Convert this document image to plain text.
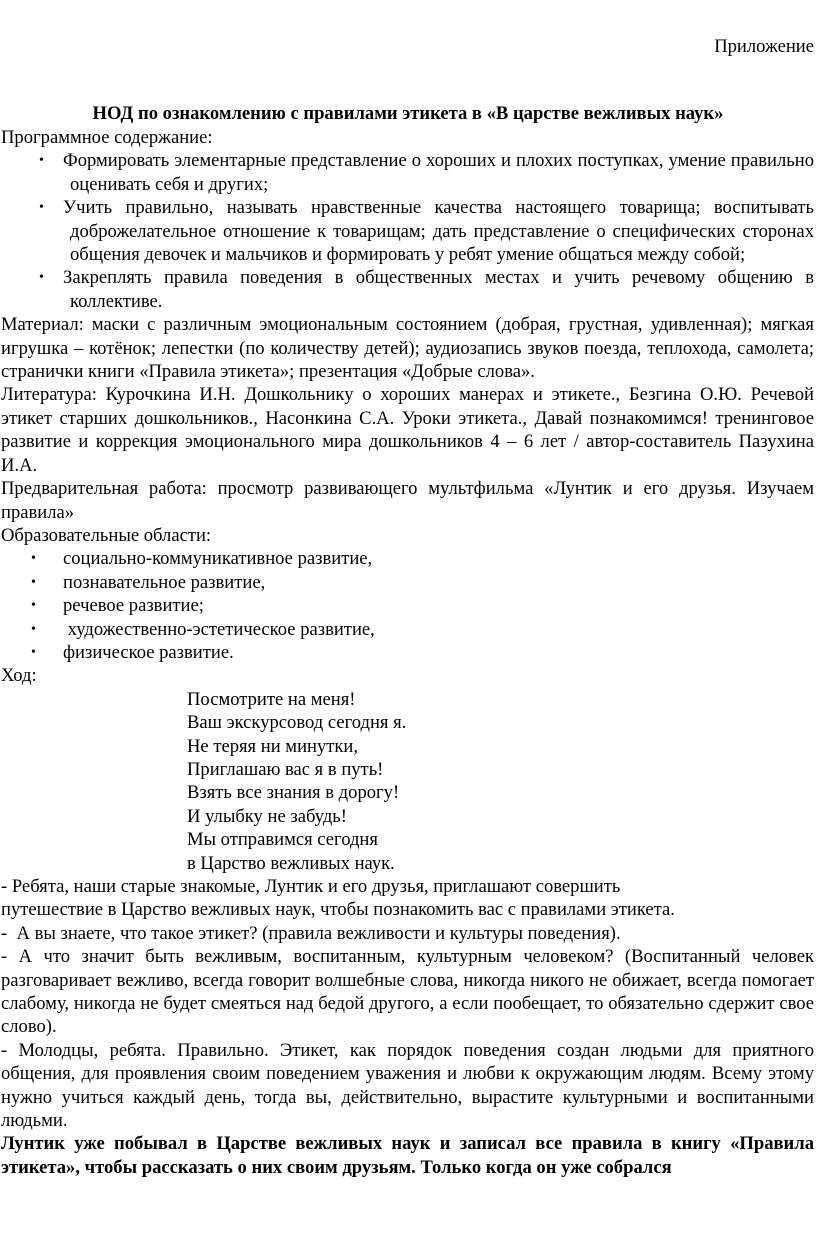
Приложение
НОД по ознакомлению с правилами этикета в «В царстве вежливых наук»

Программное содержание:

• Формировать элементарные представление о хороших и плохих поступках, умение правильно оценивать себя и других;
• Учить правильно, называть нравственные качества настоящего товарища; воспитывать доброжелательное отношение к товарищам; дать представление о специфических сторонах общения девочек и мальчиков и формировать у ребят умение общаться между собой;
• Закреплять правила поведения в общественных местах и учить речевому общению в коллективе.

Материал: маски с различным эмоциональным состоянием (добрая, грустная, удивленная); мягкая игрушка – котёнок; лепестки (по количеству детей); аудиозапись звуков поезда, теплохода, самолета; странички книги «Правила этикета»; презентация «Добрые слова».

Литература: Курочкина И.Н. Дошкольнику о хороших манерах и этикете., Безгина О.Ю. Речевой этикет старших дошкольников., Насонкина С.А. Уроки этикета., Давай познакомимся! тренинговое развитие и коррекция эмоционального мира дошкольников 4 – 6 лет / автор-составитель Пазухина И.А.

Предварительная работа: просмотр развивающего мультфильма «Лунтик и его друзья. Изучаем правила»

Образовательные области:

• социально-коммуникативное развитие,
• познавательное развитие,
• речевое развитие;
•  художественно-эстетическое развитие,
• физическое развитие.

Ход:

Посмотрите на меня!
Ваш экскурсовод сегодня я.
Не теряя ни минутки,
Приглашаю вас я в путь!
Взять все знания в дорогу!
И улыбку не забудь!
Мы отправимся сегодня
в Царство вежливых наук.

- Ребята, наши старые знакомые, Лунтик и его друзья, приглашают совершить

путешествие в Царство вежливых наук, чтобы познакомить вас с правилами этикета.

-  А вы знаете, что такое этикет? (правила вежливости и культуры поведения).

- А что значит быть вежливым, воспитанным, культурным человеком? (Воспитанный человек разговаривает вежливо, всегда говорит волшебные слова, никогда никого не обижает, всегда помогает слабому, никогда не будет смеяться над бедой другого, а если пообещает, то обязательно сдержит свое слово).

- Молодцы, ребята. Правильно. Этикет, как порядок поведения создан людьми для приятного общения, для проявления своим поведением уважения и любви к окружающим людям. Всему этому нужно учиться каждый день, тогда вы, действительно, вырастите культурными и воспитанными людьми.

Лунтик уже побывал в Царстве вежливых наук и записал все правила в книгу «Правила этикета», чтобы рассказать о них своим друзьям. Только когда он уже собрался
